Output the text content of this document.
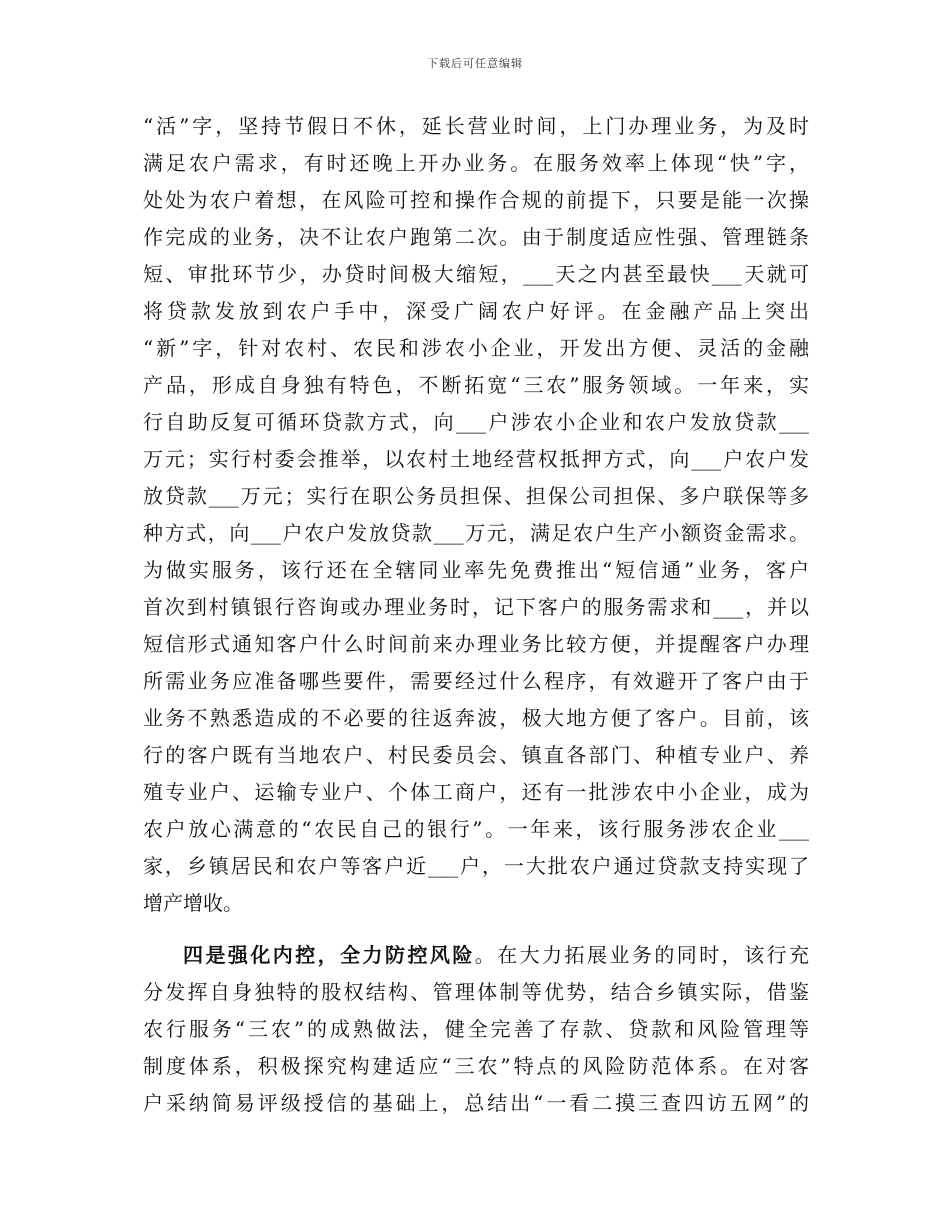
下载后可任意编辑
“活”字，坚持节假日不休，延长营业时间，上门办理业务，为及时
满足农户需求，有时还晚上开办业务。在服务效率上体现“快”字，
处处为农户着想，在风险可控和操作合规的前提下，只要是能一次操
作完成的业务，决不让农户跑第二次。由于制度适应性强、管理链条
短、审批环节少，办贷时间极大缩短，___天之内甚至最快___天就可
将贷款发放到农户手中，深受广阔农户好评。在金融产品上突出
“新”字，针对农村、农民和涉农小企业，开发出方便、灵活的金融
产品，形成自身独有特色，不断拓宽“三农”服务领域。一年来，实
行自助反复可循环贷款方式，向___户涉农小企业和农户发放贷款___
万元；实行村委会推举，以农村土地经营权抵押方式，向___户农户发
放贷款___万元；实行在职公务员担保、担保公司担保、多户联保等多
种方式，向___户农户发放贷款___万元，满足农户生产小额资金需求。
为做实服务，该行还在全辖同业率先免费推出“短信通”业务，客户
首次到村镇银行咨询或办理业务时，记下客户的服务需求和___，并以
短信形式通知客户什么时间前来办理业务比较方便，并提醒客户办理
所需业务应准备哪些要件，需要经过什么程序，有效避开了客户由于
业务不熟悉造成的不必要的往返奔波，极大地方便了客户。目前，该
行的客户既有当地农户、村民委员会、镇直各部门、种植专业户、养
殖专业户、运输专业户、个体工商户，还有一批涉农中小企业，成为
农户放心满意的“农民自己的银行”。一年来，该行服务涉农企业___
家，乡镇居民和农户等客户近___户，一大批农户通过贷款支持实现了
增产增收。
四是强化内控，全力防控风险。在大力拓展业务的同时，该行充
分发挥自身独特的股权结构、管理体制等优势，结合乡镇实际，借鉴
农行服务“三农”的成熟做法，健全完善了存款、贷款和风险管理等
制度体系，积极探究构建适应“三农”特点的风险防范体系。在对客
户采纳简易评级授信的基础上，总结出“一看二摸三查四访五网”的
